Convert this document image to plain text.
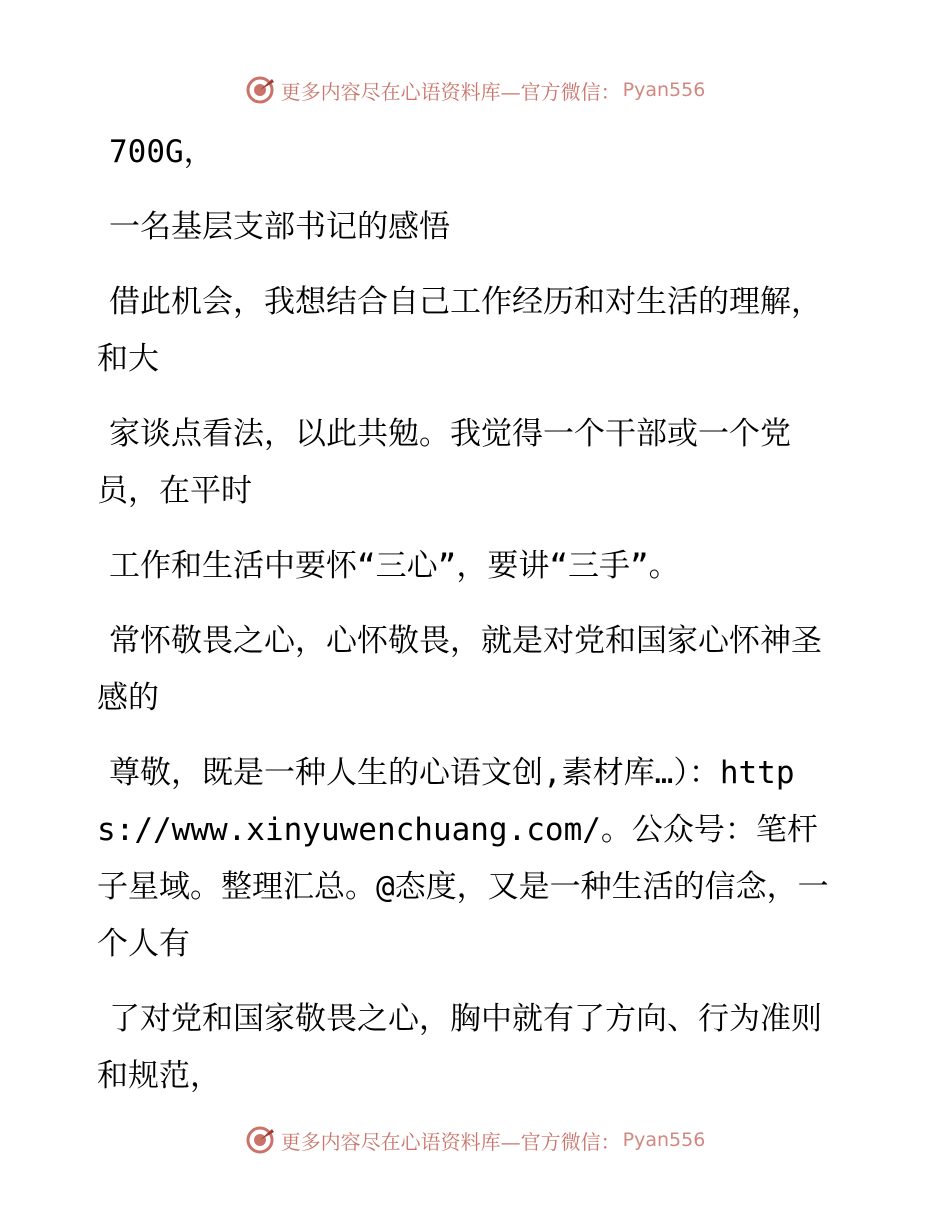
更多内容尽在心语资料库—官方微信： Pyan556

700G，

一名基层支部书记的感悟

借此机会，我想结合自己工作经历和对生活的理解，和大

家谈点看法，以此共勉。我觉得一个干部或一个党员，在平时

工作和生活中要怀“三心”，要讲“三手”。

常怀敬畏之心，心怀敬畏，就是对党和国家心怀神圣感的

尊敬，既是一种人生的心语文创,素材库…）：https://www.xinyuwenchuang.com/。公众号：笔杆子星域。整理汇总。@态度，又是一种生活的信念，一个人有

了对党和国家敬畏之心，胸中就有了方向、行为准则和规范，

更多内容尽在心语资料库—官方微信： Pyan556
